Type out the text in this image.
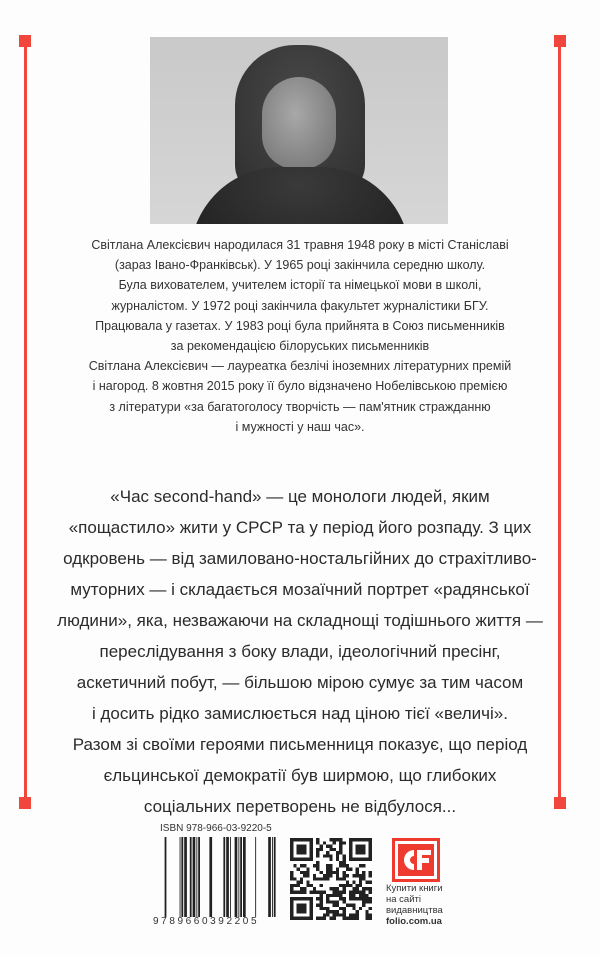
Світлана Алексієвич народилася 31 травня 1948 року в місті Станіславі
(зараз Івано-Франківськ). У 1965 році закінчила середню школу.
Була вихователем, учителем історії та німецької мови в школі,
журналістом. У 1972 році закінчила факультет журналістики БГУ.
Працювала у газетах. У 1983 році була прийнята в Союз письменників
за рекомендацією білоруських письменників
Світлана Алексієвич — лауреатка безлічі іноземних літературних премій
і нагород. 8 жовтня 2015 року її було відзначено Нобелівською премією
з літератури «за багатоголосу творчість — пам'ятник стражданню
і мужності у наш час».
«Час second-hand» — це монологи людей, яким
«пощастило» жити у СРСР та у період його розпаду. З цих
одкровень — від замиловано-ностальгійних до страхітливо-
муторних — і складається мозаїчний портрет «радянської
людини», яка, незважаючи на складнощі тодішнього життя —
переслідування з боку влади, ідеологічний пресінг,
аскетичний побут, — більшою мірою сумує за тим часом
і досить рідко замислюється над ціною тієї «величі».
Разом зі своїми героями письменниця показує, що період
єльцинської демократії був ширмою, що глибоких
соціальних перетворень не відбулося...
ISBN 978-966-03-9220-5
9789660392205
Купити книги
на сайті
видавництва
folio.com.ua
